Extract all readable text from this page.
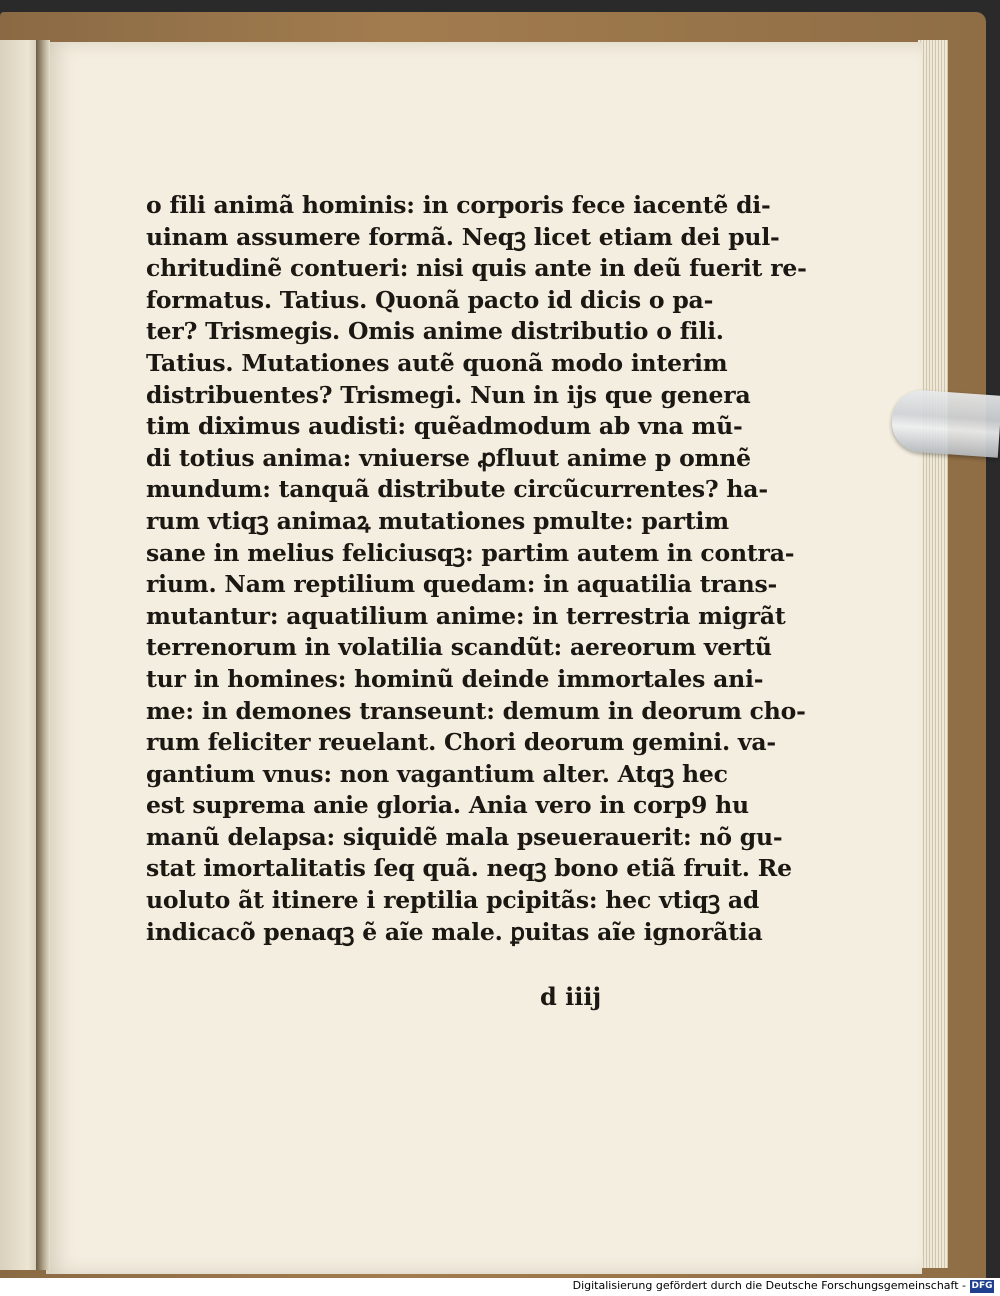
o fili animã hominis: in corporis fece iacentẽ di-
uinam assumere formã. Neqꝫ licet etiam dei pul-
chritudinẽ contueri: nisi quis ante in deũ fuerit re-
formatus. Tatius. Quonã pacto id dicis o pa-
ter? Trismegis. Omis anime distributio o fili.
Tatius. Mutationes autẽ quonã modo interim
distribuentes? Trismegi. Nun in ijs que genera
tim diximus audisti: quẽadmodum ab vna mũ-
di totius anima: vniuerse ꝓfluut anime p omnẽ
mundum: tanquã distribute circũcurrentes? ha-
rum vtiqꝫ animaꝝ mutationes pmulte: partim
sane in melius feliciusqꝫ: partim autem in contra-
rium. Nam reptilium quedam: in aquatilia trans-
mutantur: aquatilium anime: in terrestria migrãt
terrenorum in volatilia scandũt: aereorum vertũ
tur in homines: hominũ deinde immortales ani-
me: in demones transeunt: demum in deorum cho-
rum feliciter reuelant. Chori deorum gemini. va-
gantium vnus: non vagantium alter. Atqꝫ hec
est suprema anie gloria. Ania vero in corp9 hu
manũ delapsa: siquidẽ mala pseuerauerit: nõ gu-
stat imortalitatis ſeq quã. neqꝫ bono etiã fruit. Re
uoluto ãt itinere i reptilia pcipitãs: hec vtiqꝫ ad
indicacõ penaqꝫ ẽ aĩe male. ꝑuitas aĩe ignorãtia
d iiij
Digitalisierung gefördert durch die Deutsche Forschungsgemeinschaft - DFG
